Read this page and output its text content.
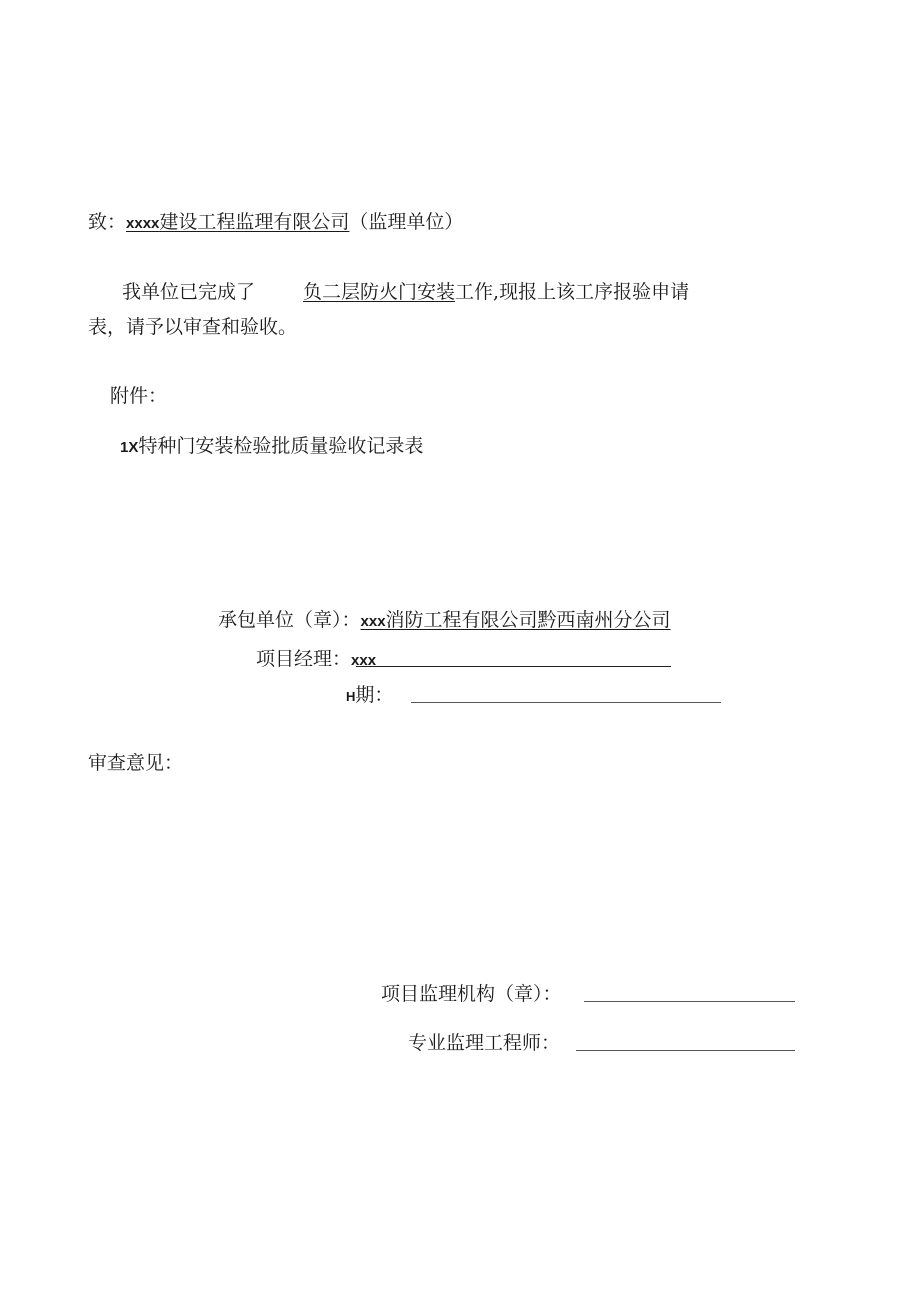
致：xxxx建设工程监理有限公司（监理单位）
我单位已完成了	负二层防火门安装工作,现报上该工序报验申请
表，请予以审查和验收。
附件：
1X特种门安装检验批质量验收记录表
承包单位（章）：xxx消防工程有限公司黔西南州分公司
项目经理：xxx
H期：
审查意见：
项目监理机构（章）：
专业监理工程师：
